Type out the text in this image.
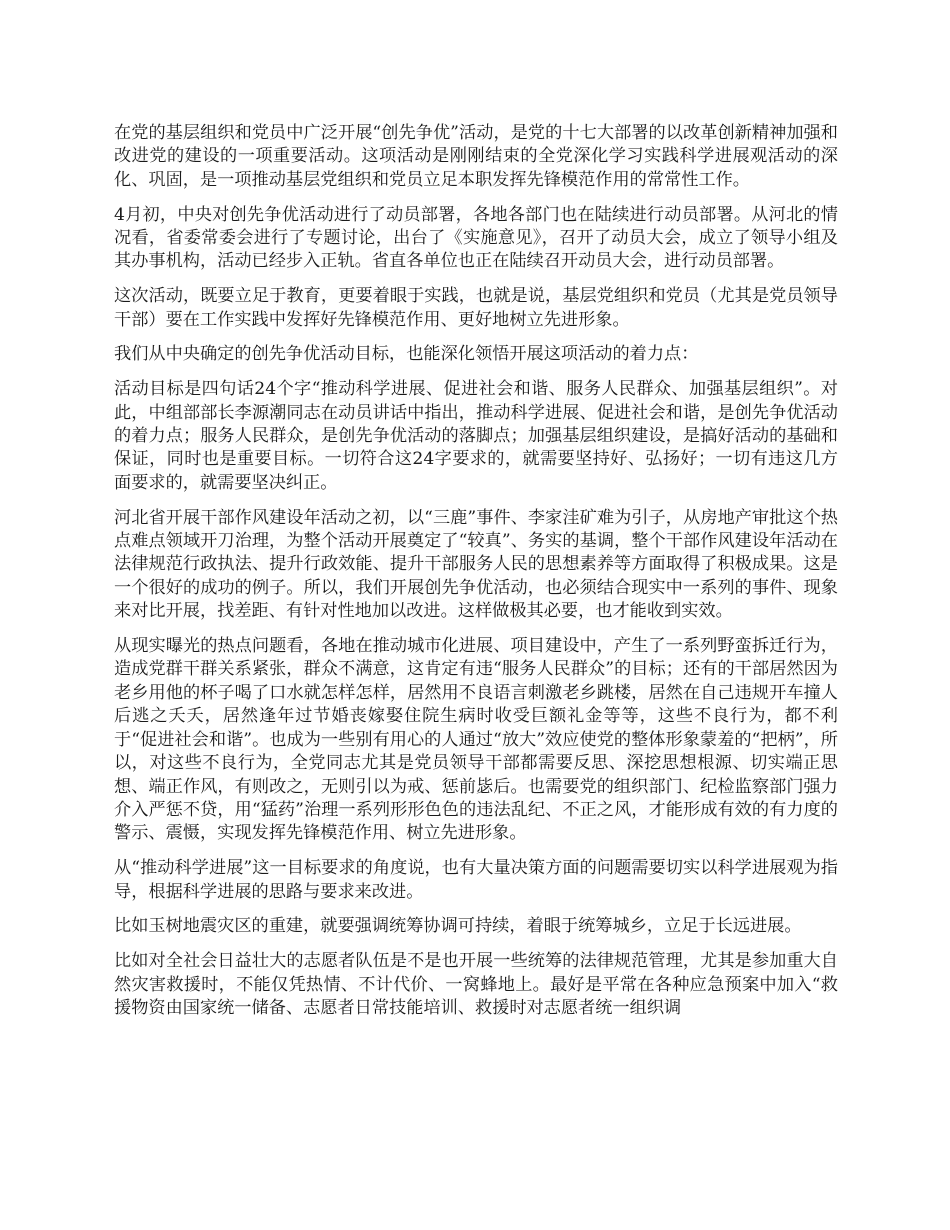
在党的基层组织和党员中广泛开展“创先争优”活动，是党的十七大部署的以改革创新精神加强和改进党的建设的一项重要活动。这项活动是刚刚结束的全党深化学习实践科学进展观活动的深化、巩固，是一项推动基层党组织和党员立足本职发挥先锋模范作用的常常性工作。

4月初，中央对创先争优活动进行了动员部署，各地各部门也在陆续进行动员部署。从河北的情况看，省委常委会进行了专题讨论，出台了《实施意见》，召开了动员大会，成立了领导小组及其办事机构，活动已经步入正轨。省直各单位也正在陆续召开动员大会，进行动员部署。

这次活动，既要立足于教育，更要着眼于实践，也就是说，基层党组织和党员（尤其是党员领导干部）要在工作实践中发挥好先锋模范作用、更好地树立先进形象。

我们从中央确定的创先争优活动目标，也能深化领悟开展这项活动的着力点：

活动目标是四句话24个字“推动科学进展、促进社会和谐、服务人民群众、加强基层组织”。对此，中组部部长李源潮同志在动员讲话中指出，推动科学进展、促进社会和谐，是创先争优活动的着力点；服务人民群众，是创先争优活动的落脚点；加强基层组织建设，是搞好活动的基础和保证，同时也是重要目标。一切符合这24字要求的，就需要坚持好、弘扬好；一切有违这几方面要求的，就需要坚决纠正。

河北省开展干部作风建设年活动之初，以“三鹿”事件、李家洼矿难为引子，从房地产审批这个热点难点领域开刀治理，为整个活动开展奠定了“较真”、务实的基调，整个干部作风建设年活动在法律规范行政执法、提升行政效能、提升干部服务人民的思想素养等方面取得了积极成果。这是一个很好的成功的例子。所以，我们开展创先争优活动，也必须结合现实中一系列的事件、现象来对比开展，找差距、有针对性地加以改进。这样做极其必要，也才能收到实效。

从现实曝光的热点问题看，各地在推动城市化进展、项目建设中，产生了一系列野蛮拆迁行为，造成党群干群关系紧张，群众不满意，这肯定有违“服务人民群众”的目标；还有的干部居然因为老乡用他的杯子喝了口水就怎样怎样，居然用不良语言刺激老乡跳楼，居然在自己违规开车撞人后逃之夭夭，居然逢年过节婚丧嫁娶住院生病时收受巨额礼金等等，这些不良行为，都不利于“促进社会和谐”。也成为一些别有用心的人通过“放大”效应使党的整体形象蒙羞的“把柄”，所以，对这些不良行为，全党同志尤其是党员领导干部都需要反思、深挖思想根源、切实端正思想、端正作风，有则改之，无则引以为戒、惩前毖后。也需要党的组织部门、纪检监察部门强力介入严惩不贷，用“猛药”治理一系列形形色色的违法乱纪、不正之风，才能形成有效的有力度的警示、震慑，实现发挥先锋模范作用、树立先进形象。

从“推动科学进展”这一目标要求的角度说，也有大量决策方面的问题需要切实以科学进展观为指导，根据科学进展的思路与要求来改进。

比如玉树地震灾区的重建，就要强调统筹协调可持续，着眼于统筹城乡，立足于长远进展。

比如对全社会日益壮大的志愿者队伍是不是也开展一些统筹的法律规范管理，尤其是参加重大自然灾害救援时，不能仅凭热情、不计代价、一窝蜂地上。最好是平常在各种应急预案中加入“救援物资由国家统一储备、志愿者日常技能培训、救援时对志愿者统一组织调
